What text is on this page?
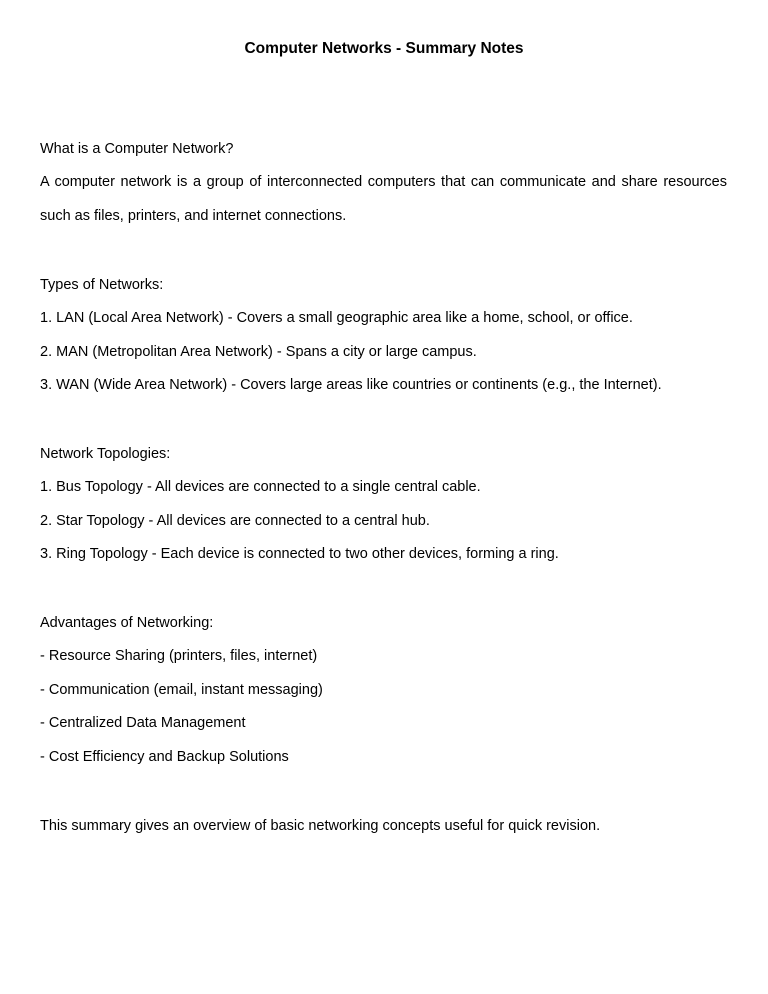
Computer Networks - Summary Notes

What is a Computer Network?

A computer network is a group of interconnected computers that can communicate and share resources such as files, printers, and internet connections.

Types of Networks:

1. LAN (Local Area Network) - Covers a small geographic area like a home, school, or office.

2. MAN (Metropolitan Area Network) - Spans a city or large campus.

3. WAN (Wide Area Network) - Covers large areas like countries or continents (e.g., the Internet).

Network Topologies:

1. Bus Topology - All devices are connected to a single central cable.

2. Star Topology - All devices are connected to a central hub.

3. Ring Topology - Each device is connected to two other devices, forming a ring.

Advantages of Networking:

- Resource Sharing (printers, files, internet)

- Communication (email, instant messaging)

- Centralized Data Management

- Cost Efficiency and Backup Solutions

This summary gives an overview of basic networking concepts useful for quick revision.
